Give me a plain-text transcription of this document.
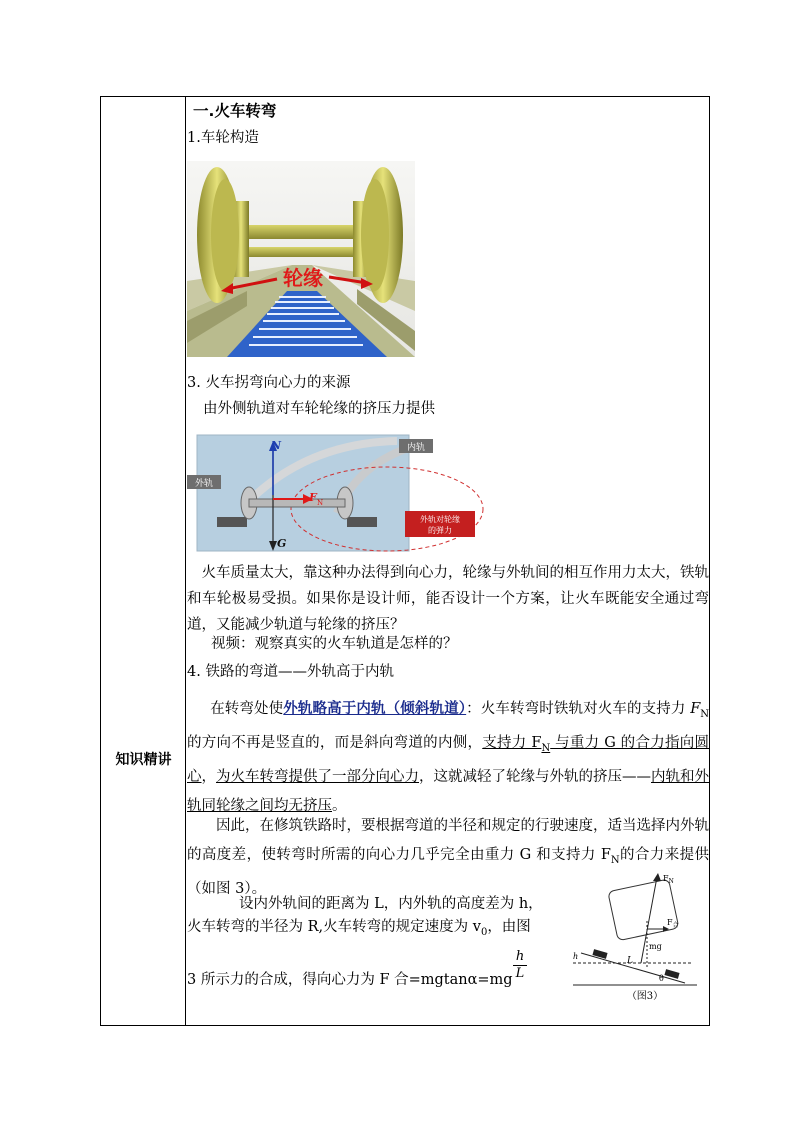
知识精讲
一.火车转弯
1.车轮构造
轮缘
3. 火车拐弯向心力的来源
由外侧轨道对车轮轮缘的挤压力提供
N
G
F N
内轨
外轨
外轨对轮缘
的弹力
火车质量太大，靠这种办法得到向心力，轮缘与外轨间的相互作用力太大，铁轨和车轮极易受损。如果你是设计师，能否设计一个方案，让火车既能安全通过弯道，又能减少轨道与轮缘的挤压？
视频：观察真实的火车轨道是怎样的？
4. 铁路的弯道——外轨高于内轨
在转弯处使外轨略高于内轨（倾斜轨道）：火车转弯时铁轨对火车的支持力 $F_N$ 的方向不再是竖直的，而是斜向弯道的内侧，支持力 $F_N$ 与重力 G 的合力指向圆心，为火车转弯提供了一部分向心力，这就减轻了轮缘与外轨的挤压——内轨和外轨同轮缘之间均无挤压。
因此，在修筑铁路时，要根据弯道的半径和规定的行驶速度，适当选择内外轨的高度差，使转弯时所需的向心力几乎完全由重力 G 和支持力 $F_N$的合力来提供（如图 3）。
设内外轨间的距离为 L，内外轨的高度差为 h，
火车转弯的半径为 R,火车转弯的规定速度为 $v_0$，由图
3 所示力的合成，得向心力为 F 合=mgtanα=mg
h
L
$F_N$
$F_合$
mg
L
h
θ
（图3）
